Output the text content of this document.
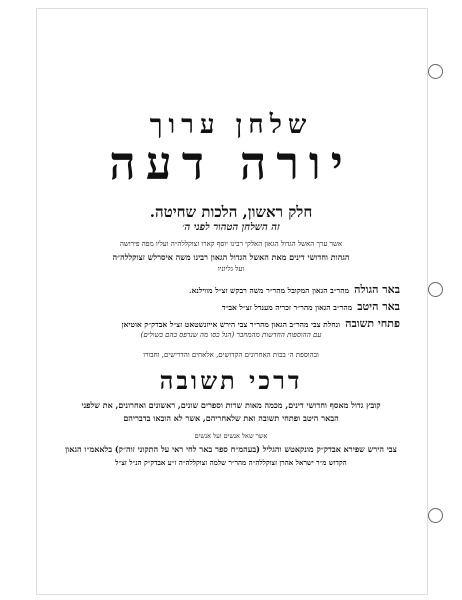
שלחן ערוך
יורה דעה
חלק ראשון, הלכות שחיטה.
זה השלחן הטהור לפני ה׳
אשר ערך האשל הגדול הגאון האלקי רבינו יוסף קארו זצוקללה״ה ועליו מפה פירושה
הגהות וחדושי דינים מאת האשל הגדול הגאון רבינו משה איסרלש זצוקללה״ה
ועל גליוניו
באר הגולה מהר״ב הגאון המקובל מהר״ר משה רבקש זצ״ל מווילנא.
באר היטב מהר״ב הגאון מהר״ר זכריה מענדל זצ״ל אב״ד
פתחי תשובה ונחלת צבי מהר״ב הגאון מהר״ר צבי הירש אייזנשטאט זצ״ל אבדק״ק אוטיאן
עם ההוספות החדשות מהמחבר (הנל כסו מה שנדפס בהם בשולים)
ובהוספת ה׳ בכות האחרונים הקדושים, אלאחים והדרישים, וחבורו
דרכי תשובה
קובץ גדול מאסף וחדושי דינים, מכמה מאות שרות וספרים שונים, ראשונים ואחרונים, את שלפני
הבאר היטב ופתחי תשובה ואת שלאחריהם, אשר לא הובאו בדבריהם
אשר שאל אנשים ועל אנשים
צבי הירש שפירא אבדק״ק מונקאטש והגליל (בעהמ״ח ספר באר לחי ראי על התקוני זוה״ק) בלאאמ״ו הגאון
הקדוש מ״ר ישראל אהרן זצוקללה״ה מהר״ר שלמה זצוקללה״ה ז״ע אבדק״ק הנ״ל זצ״ל
